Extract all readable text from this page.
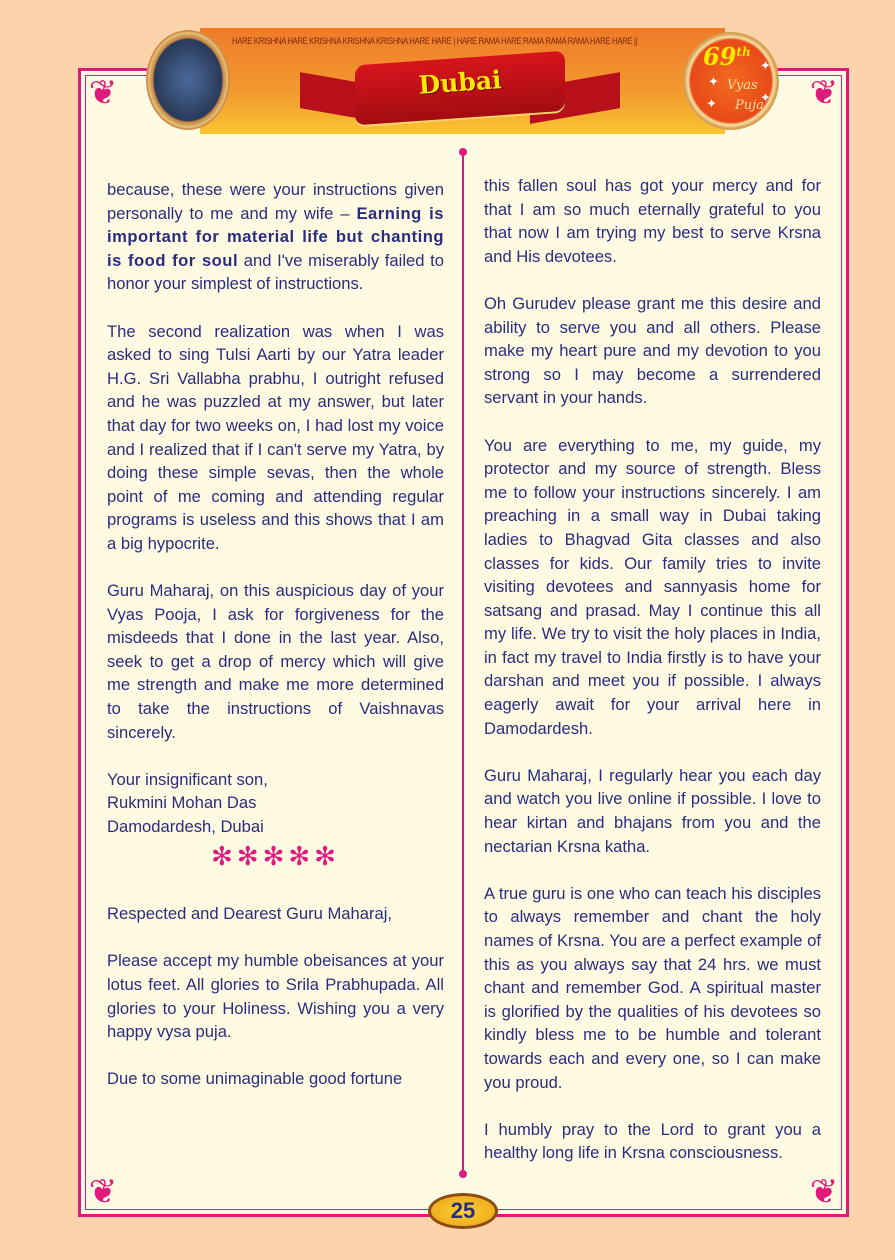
❦	❦
❦	❦
Dubai
HARE KRISHNA HARE KRISHNA KRISHNA KRISHNA HARE HARE | HARE RAMA HARE RAMA RAMA RAMA HARE HARE ||
69th
Vyas
Puja
✦
✦
✦	✦

because, these were your instructions given personally to me and my wife – Earning is important for material life but chanting is food for soul and I've miserably failed to honor your simplest of instructions.

The second realization was when I was asked to sing Tulsi Aarti by our Yatra leader H.G. Sri Vallabha prabhu, I outright refused and he was puzzled at my answer, but later that day for two weeks on, I had lost my voice and I realized that if I can't serve my Yatra, by doing these simple sevas, then the whole point of me coming and attending regular programs is useless and this shows that I am a big hypocrite.

Guru Maharaj, on this auspicious day of your Vyas Pooja, I ask for forgiveness for the misdeeds that I done in the last year. Also, seek to get a drop of mercy which will give me strength and make me more determined to take the instructions of Vaishnavas sincerely.

Your insignificant son,
Rukmini Mohan Das
Damodardesh, Dubai
✻✻✻✻✻

Respected and Dearest Guru Maharaj,

Please accept my humble obeisances at your lotus feet. All glories to Srila Prabhupada. All glories to your Holiness. Wishing you a very happy vysa puja.

Due to some unimaginable good fortune

this fallen soul has got your mercy and for that I am so much eternally grateful to you that now I am trying my best to serve Krsna and His devotees.

Oh Gurudev please grant me this desire and ability to serve you and all others. Please make my heart pure and my devotion to you strong so I may become a surrendered servant in your hands.

You are everything to me, my guide, my protector and my source of strength. Bless me to follow your instructions sincerely. I am preaching in a small way in Dubai taking ladies to Bhagvad Gita classes and also classes for kids. Our family tries to invite visiting devotees and sannyasis home for satsang and prasad. May I continue this all my life. We try to visit the holy places in India, in fact my travel to India firstly is to have your darshan and meet you if possible. I always eagerly await for your arrival here in Damodardesh.

Guru Maharaj, I regularly hear you each day and watch you live online if possible. I love to hear kirtan and bhajans from you and the nectarian Krsna katha.

A true guru is one who can teach his disciples to always remember and chant the holy names of Krsna. You are a perfect example of this as you always say that 24 hrs. we must chant and remember God. A spiritual master is glorified by the qualities of his devotees so kindly bless me to be humble and tolerant towards each and every one, so I can make you proud.

I humbly pray to the Lord to grant you a healthy long life in Krsna consciousness.

25
